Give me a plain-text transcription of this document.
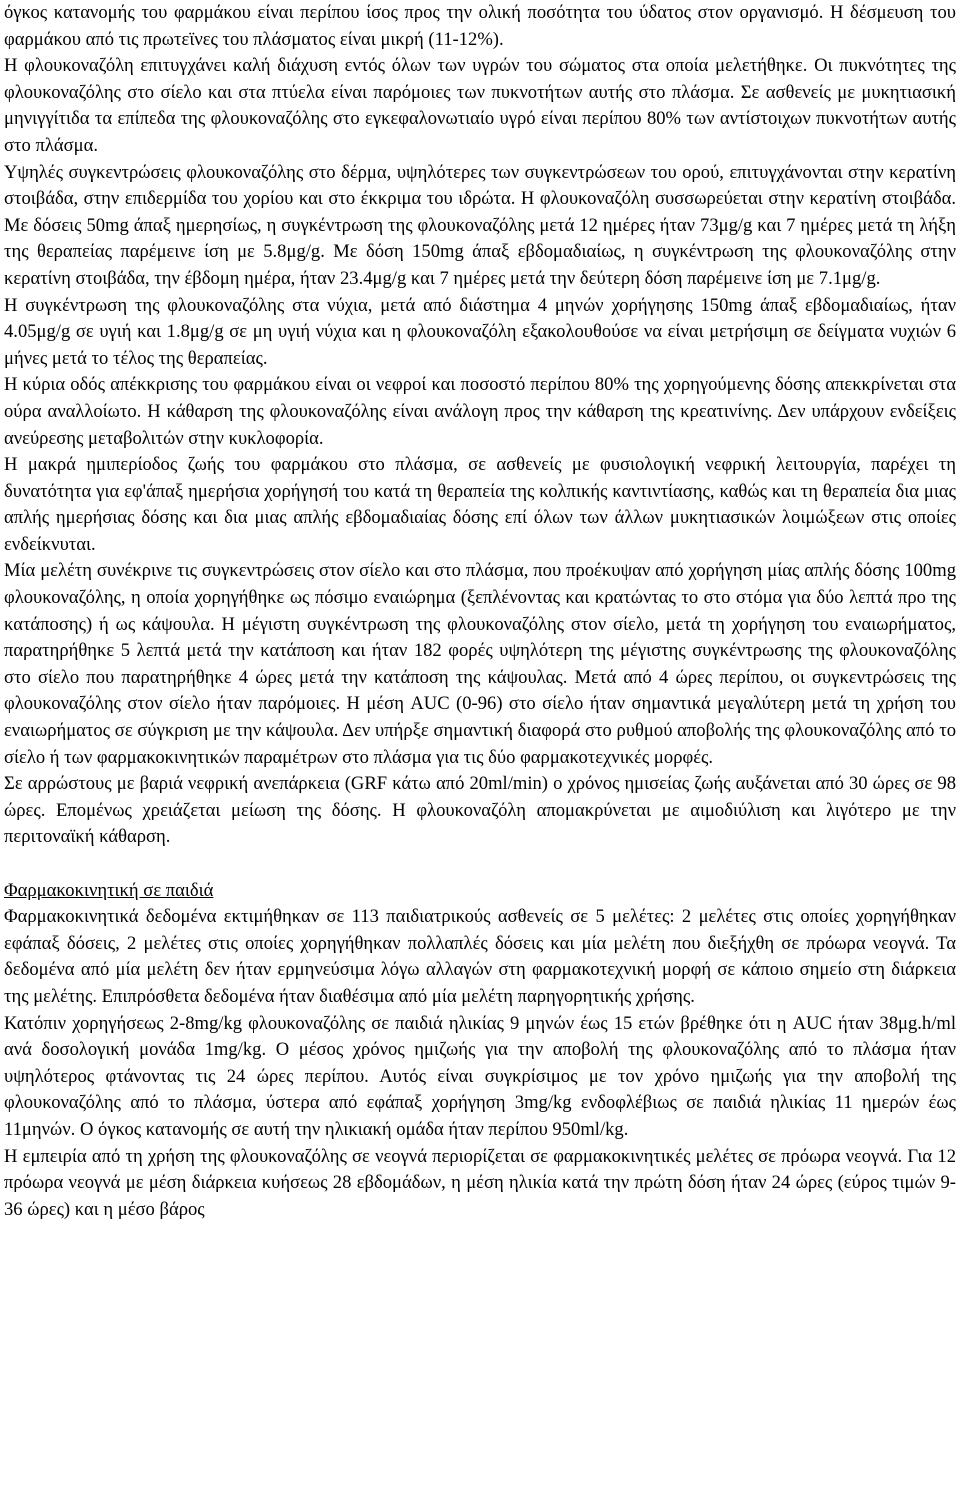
όγκος κατανομής του φαρμάκου είναι περίπου ίσος προς την ολική ποσότητα του ύδατος στον οργανισμό. Η δέσμευση του φαρμάκου από τις πρωτεϊνες του πλάσματος είναι μικρή (11-12%).

Η φλουκοναζόλη επιτυγχάνει καλή διάχυση εντός όλων των υγρών του σώματος στα οποία μελετήθηκε. Οι πυκνότητες της φλουκοναζόλης στο σίελο και στα πτύελα είναι παρόμοιες των πυκνοτήτων αυτής στο πλάσμα. Σε ασθενείς με μυκητιασική μηνιγγίτιδα τα επίπεδα της φλουκοναζόλης στο εγκεφαλονωτιαίο υγρό είναι περίπου 80% των αντίστοιχων πυκνοτήτων αυτής στο πλάσμα.

Υψηλές συγκεντρώσεις φλουκοναζόλης στο δέρμα, υψηλότερες των συγκεντρώσεων του ορού, επιτυγχάνονται στην κερατίνη στοιβάδα, στην επιδερμίδα του χορίου και στο έκκριμα του ιδρώτα. Η φλουκοναζόλη συσσωρεύεται στην κερατίνη στοιβάδα. Με δόσεις 50mg άπαξ ημερησίως, η συγκέντρωση της φλουκοναζόλης μετά 12 ημέρες ήταν 73μg/g και 7 ημέρες μετά τη λήξη της θεραπείας παρέμεινε ίση με 5.8μg/g. Με δόση 150mg άπαξ εβδομαδιαίως, η συγκέντρωση της φλουκοναζόλης στην κερατίνη στοιβάδα, την έβδομη ημέρα, ήταν 23.4μg/g και 7 ημέρες μετά την δεύτερη δόση παρέμεινε ίση με 7.1μg/g.

Η συγκέντρωση της φλουκοναζόλης στα νύχια, μετά από διάστημα 4 μηνών χορήγησης 150mg άπαξ εβδομαδιαίως, ήταν 4.05μg/g σε υγιή και 1.8μg/g σε μη υγιή νύχια και η φλουκοναζόλη εξακολουθούσε να είναι μετρήσιμη σε δείγματα νυχιών 6 μήνες μετά το τέλος της θεραπείας.

Η κύρια οδός απέκκρισης του φαρμάκου είναι οι νεφροί και ποσοστό περίπου 80% της χορηγούμενης δόσης απεκκρίνεται στα ούρα αναλλοίωτο. Η κάθαρση της φλουκοναζόλης είναι ανάλογη προς την κάθαρση της κρεατινίνης. Δεν υπάρχουν ενδείξεις ανεύρεσης μεταβολιτών στην κυκλοφορία.

Η μακρά ημιπερίοδος ζωής του φαρμάκου στο πλάσμα, σε ασθενείς με φυσιολογική νεφρική λειτουργία, παρέχει τη δυνατότητα για εφ'άπαξ ημερήσια χορήγησή του κατά τη θεραπεία της κολπικής καντιντίασης, καθώς και τη θεραπεία δια μιας απλής ημερήσιας δόσης και δια μιας απλής εβδομαδιαίας δόσης επί όλων των άλλων μυκητιασικών λοιμώξεων στις οποίες ενδείκνυται.

Μία μελέτη συνέκρινε τις συγκεντρώσεις στον σίελο και στο πλάσμα, που προέκυψαν από χορήγηση μίας απλής δόσης 100mg φλουκοναζόλης, η οποία χορηγήθηκε ως πόσιμο εναιώρημα (ξεπλένοντας και κρατώντας το στο στόμα για δύο λεπτά προ της κατάποσης) ή ως κάψουλα. Η μέγιστη συγκέντρωση της φλουκοναζόλης στον σίελο, μετά τη χορήγηση του εναιωρήματος, παρατηρήθηκε 5 λεπτά μετά την κατάποση και ήταν 182 φορές υψηλότερη της μέγιστης συγκέντρωσης της φλουκοναζόλης στο σίελο που παρατηρήθηκε 4 ώρες μετά την κατάποση της κάψουλας. Μετά από 4 ώρες περίπου, οι συγκεντρώσεις της φλουκοναζόλης στον σίελο ήταν παρόμοιες. Η μέση AUC (0-96) στο σίελο ήταν σημαντικά μεγαλύτερη μετά τη χρήση του εναιωρήματος σε σύγκριση με την κάψουλα. Δεν υπήρξε σημαντική διαφορά στο ρυθμού αποβολής της φλουκοναζόλης από το σίελο ή των φαρμακοκινητικών παραμέτρων στο πλάσμα για τις δύο φαρμακοτεχνικές μορφές.

Σε αρρώστους με βαριά νεφρική ανεπάρκεια (GRF κάτω από 20ml/min) ο χρόνος ημισείας ζωής αυξάνεται από 30 ώρες σε 98 ώρες. Επομένως χρειάζεται μείωση της δόσης. Η φλουκοναζόλη απομακρύνεται με αιμοδιύλιση και λιγότερο με την περιτοναϊκή κάθαρση.

Φαρμακοκινητική σε παιδιά

Φαρμακοκινητικά δεδομένα εκτιμήθηκαν σε 113 παιδιατρικούς ασθενείς σε 5 μελέτες: 2 μελέτες στις οποίες χορηγήθηκαν εφάπαξ δόσεις, 2 μελέτες στις οποίες χορηγήθηκαν πολλαπλές δόσεις και μία μελέτη που διεξήχθη σε πρόωρα νεογνά. Τα δεδομένα από μία μελέτη δεν ήταν ερμηνεύσιμα λόγω αλλαγών στη φαρμακοτεχνική μορφή σε κάποιο σημείο στη διάρκεια της μελέτης. Επιπρόσθετα δεδομένα ήταν διαθέσιμα από μία μελέτη παρηγορητικής χρήσης.

Κατόπιν χορηγήσεως 2-8mg/kg φλουκοναζόλης σε παιδιά ηλικίας 9 μηνών έως 15 ετών βρέθηκε ότι η AUC ήταν 38μg.h/ml ανά δοσολογική μονάδα 1mg/kg. Ο μέσος χρόνος ημιζωής για την αποβολή της φλουκοναζόλης από το πλάσμα ήταν υψηλότερος φτάνοντας τις 24 ώρες περίπου. Αυτός είναι συγκρίσιμος με τον χρόνο ημιζωής για την αποβολή της φλουκοναζόλης από το πλάσμα, ύστερα από εφάπαξ χορήγηση 3mg/kg ενδοφλέβιως σε παιδιά ηλικίας 11 ημερών έως 11μηνών. Ο όγκος κατανομής σε αυτή την ηλικιακή ομάδα ήταν περίπου 950ml/kg.

Η εμπειρία από τη χρήση της φλουκοναζόλης σε νεογνά περιορίζεται σε φαρμακοκινητικές μελέτες σε πρόωρα νεογνά. Για 12 πρόωρα νεογνά με μέση διάρκεια κυήσεως 28 εβδομάδων, η μέση ηλικία κατά την πρώτη δόση ήταν 24 ώρες (εύρος τιμών 9-36 ώρες) και η μέσο βάρος
